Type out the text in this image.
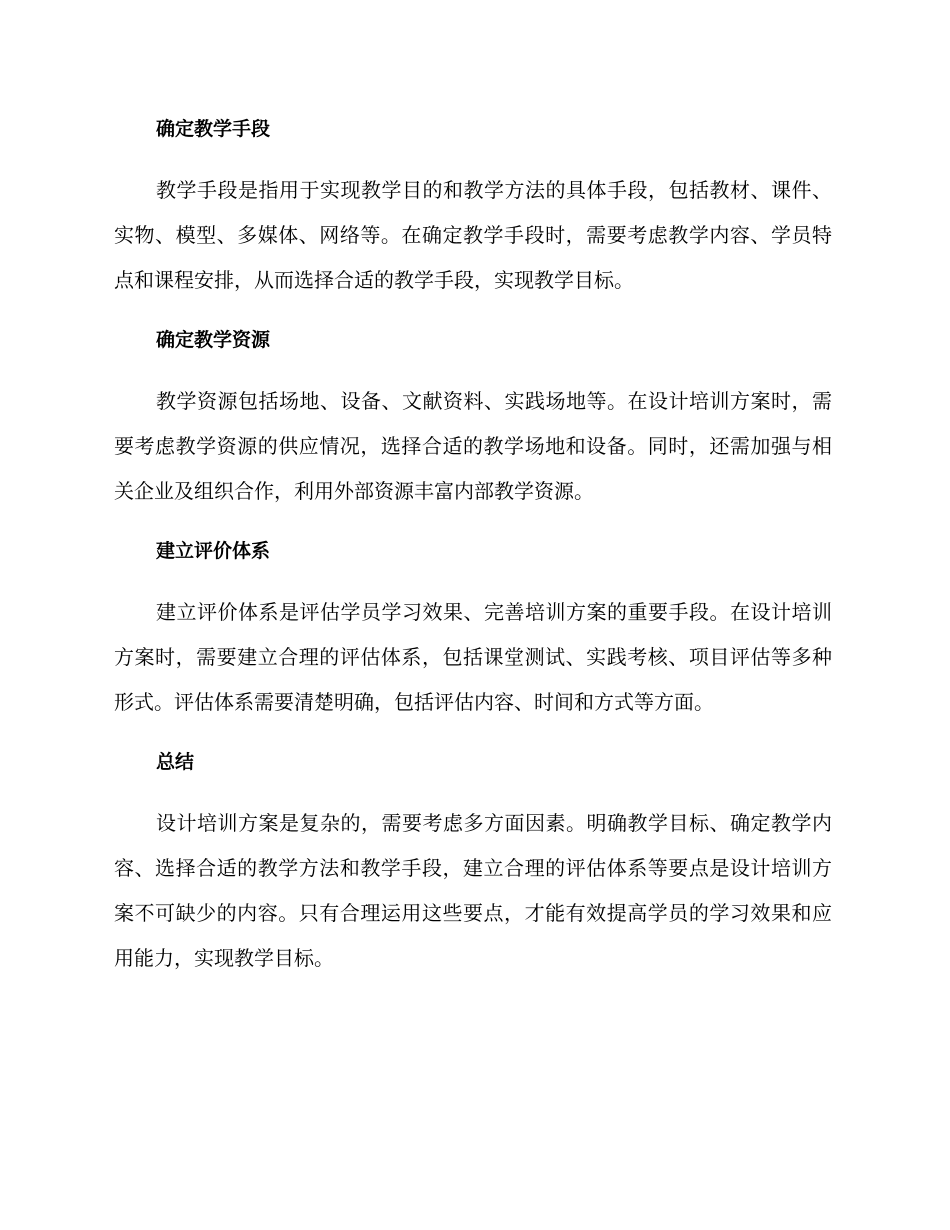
确定教学手段

教学手段是指用于实现教学目的和教学方法的具体手段，包括教材、课件、实物、模型、多媒体、网络等。在确定教学手段时，需要考虑教学内容、学员特点和课程安排，从而选择合适的教学手段，实现教学目标。

确定教学资源

教学资源包括场地、设备、文献资料、实践场地等。在设计培训方案时，需要考虑教学资源的供应情况，选择合适的教学场地和设备。同时，还需加强与相关企业及组织合作，利用外部资源丰富内部教学资源。

建立评价体系

建立评价体系是评估学员学习效果、完善培训方案的重要手段。在设计培训方案时，需要建立合理的评估体系，包括课堂测试、实践考核、项目评估等多种形式。评估体系需要清楚明确，包括评估内容、时间和方式等方面。

总结

设计培训方案是复杂的，需要考虑多方面因素。明确教学目标、确定教学内容、选择合适的教学方法和教学手段，建立合理的评估体系等要点是设计培训方案不可缺少的内容。只有合理运用这些要点，才能有效提高学员的学习效果和应用能力，实现教学目标。
